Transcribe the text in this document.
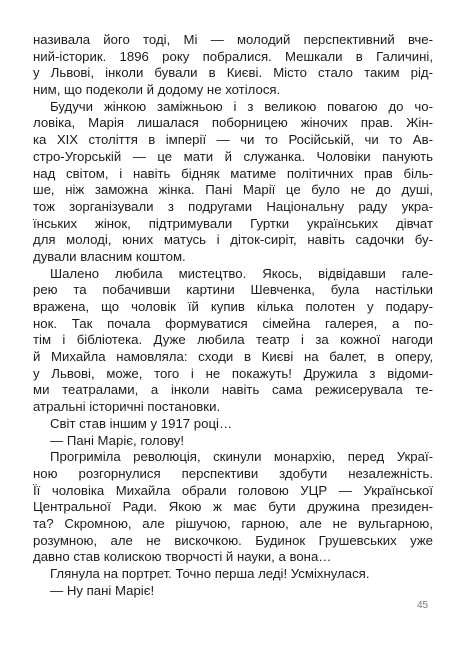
називала його тоді, Мі — молодий перспективний вче-
ний-історик. 1896 року побралися. Мешкали в Галичині,
у Львові, інколи бували в Києві. Місто стало таким рід-
ним, що подеколи й додому не хотілося.
Будучи жінкою заміжньою і з великою повагою до чо-
ловіка, Марія лишалася поборницею жіночих прав. Жін-
ка XIX століття в імперії — чи то Російській, чи то Ав-
стро-Угорській — це мати й служанка. Чоловіки панують
над світом, і навіть бідняк матиме політичних прав біль-
ше, ніж заможна жінка. Пані Марії це було не до душі,
тож зорганізували з подругами Національну раду укра-
їнських жінок, підтримували Гуртки українських дівчат
для молоді, юних матусь і діток-сиріт, навіть садочки бу-
дували власним коштом.
Шалено любила мистецтво. Якось, відвідавши гале-
рею та побачивши картини Шевченка, була настільки
вражена, що чоловік їй купив кілька полотен у подару-
нок. Так почала формуватися сімейна галерея, а по-
тім і бібліотека. Дуже любила театр і за кожної нагоди
й Михайла намовляла: сходи в Києві на балет, в оперу,
у Львові, може, того і не покажуть! Дружила з відоми-
ми театралами, а інколи навіть сама режисерувала те-
атральні історичні постановки.
Світ став іншим у 1917 році…
— Пані Маріє, голову!
Прогриміла революція, скинули монархію, перед Украї-
ною розгорнулися перспективи здобути незалежність.
Її чоловіка Михайла обрали головою УЦР — Української
Центральної Ради. Якою ж має бути дружина президен-
та? Скромною, але рішучою, гарною, але не вульгарною,
розумною, але не вискочкою. Будинок Грушевських уже
давно став колискою творчості й науки, а вона…
Глянула на портрет. Точно перша леді! Усміхнулася.
— Ну пані Маріє!
45
